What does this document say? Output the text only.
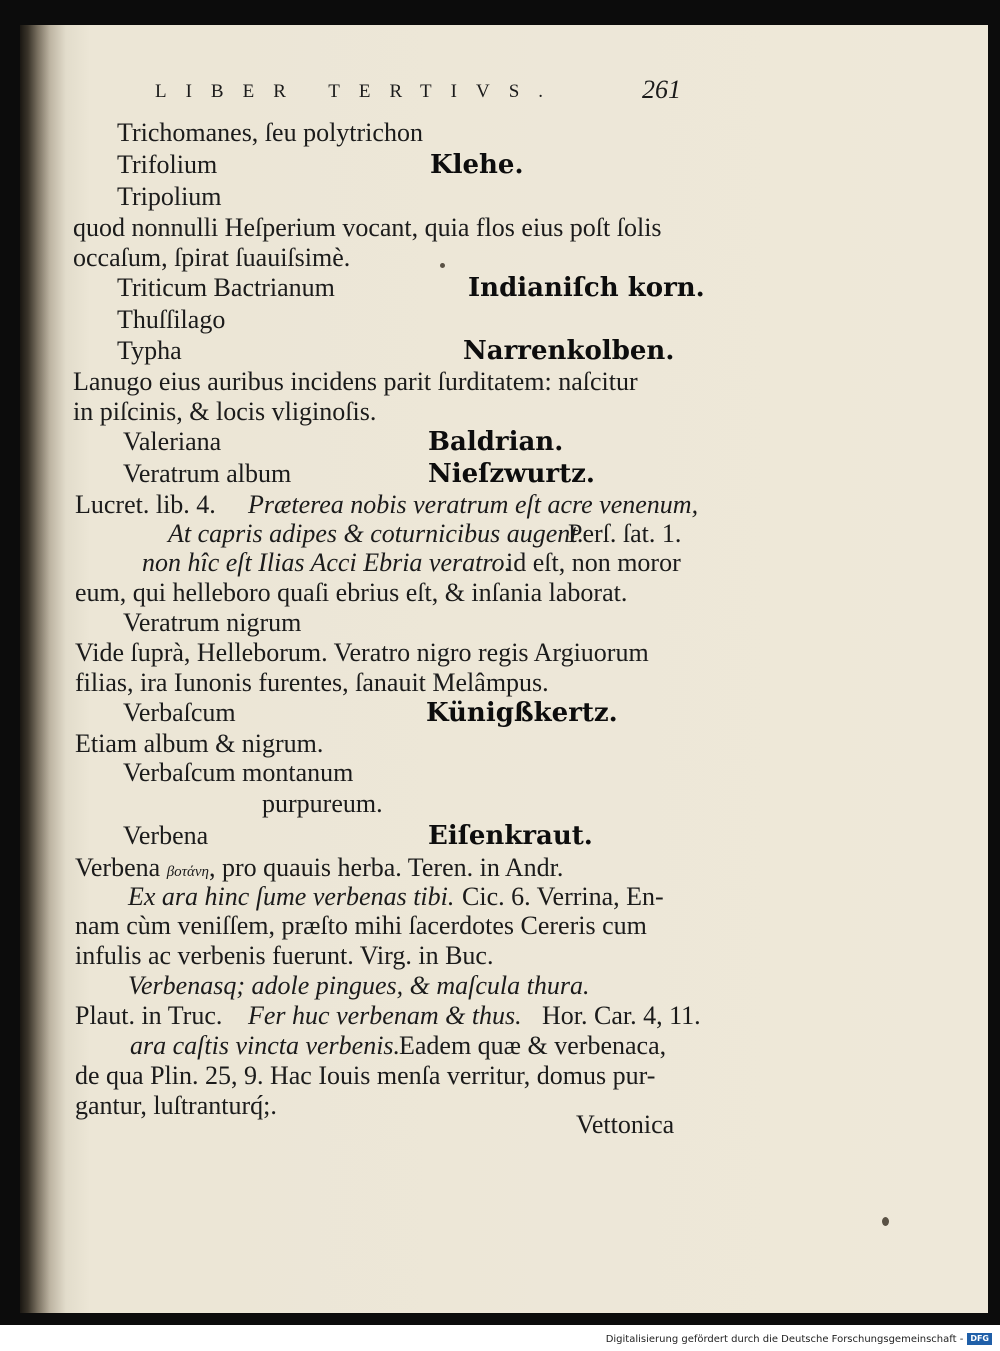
LIBER TERTIVS.	261

Trichomanes, ſeu polytrichon

Trifolium	Klehe.

Tripolium

quod nonnulli Heſperium vocant, quia flos eius poſt ſolis

occaſum, ſpirat ſuauiſsimè.

Triticum Bactrianum	Indianiſch korn.

Thuſſilago

Typha	Narrenkolben.

Lanugo eius auribus incidens parit ſurditatem: naſcitur

in piſcinis, & locis vliginoſis.

Valeriana	Baldrian.

Veratrum album	Nieſzwurtz.

Lucret. lib. 4. Præterea nobis veratrum eſt acre venenum,

At capris adipes & coturnicibus augent.

Perſ. ſat. 1.

non hîc eſt Ilias Acci Ebria veratro.

id eſt, non moror

eum, qui helleboro quaſi ebrius eſt, & inſania laborat.

Veratrum nigrum

Vide ſuprà, Helleborum. Veratro nigro regis Argiuorum

filias, ira Iunonis furentes, ſanauit Melâmpus.

Verbaſcum	Künigßkertz.

Etiam album & nigrum.

Verbaſcum montanum

purpureum.

Verbena	Eiſenkraut.

Verbena βοτάνη, pro quauis herba. Teren. in Andr.

Ex ara hinc ſume verbenas tibi. Cic. 6. Verrina, En-

nam cùm veniſſem, præſto mihi ſacerdotes Cereris cum

infulis ac verbenis fuerunt. Virg. in Buc.

Verbenasq; adole pingues, & maſcula thura.

Plaut. in Truc. Fer huc verbenam & thus. Hor. Car. 4, 11.

ara caſtis vincta verbenis.

Eadem quæ & verbenaca,

de qua Plin. 25, 9. Hac Iouis menſa verritur, domus pur-

gantur, luſtranturq́;.

Vettonica

Digitalisierung gefördert durch die Deutsche Forschungsgemeinschaft - DFG
